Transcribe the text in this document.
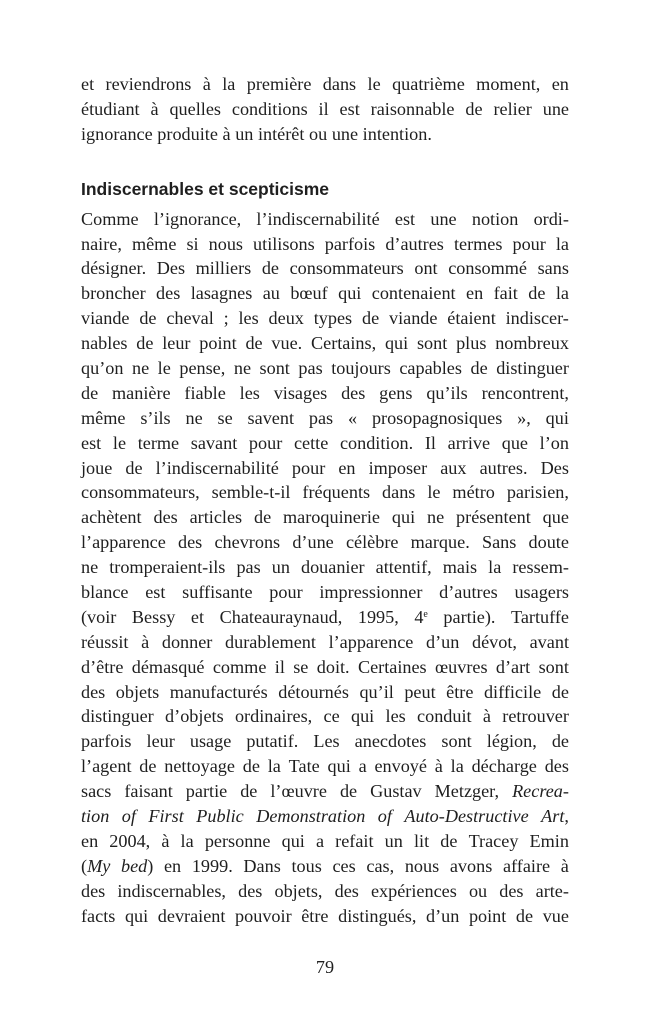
et reviendrons à la première dans le quatrième moment, en
étudiant à quelles conditions il est raisonnable de relier une
ignorance produite à un intérêt ou une intention.
Indiscernables et scepticisme
Comme l’ignorance, l’indiscernabilité est une notion ordi-
naire, même si nous utilisons parfois d’autres termes pour la
désigner. Des milliers de consommateurs ont consommé sans
broncher des lasagnes au bœuf qui contenaient en fait de la
viande de cheval ; les deux types de viande étaient indiscer-
nables de leur point de vue. Certains, qui sont plus nombreux
qu’on ne le pense, ne sont pas toujours capables de distinguer
de manière fiable les visages des gens qu’ils rencontrent,
même s’ils ne se savent pas « prosopagnosiques », qui
est le terme savant pour cette condition. Il arrive que l’on
joue de l’indiscernabilité pour en imposer aux autres. Des
consommateurs, semble-t-il fréquents dans le métro parisien,
achètent des articles de maroquinerie qui ne présentent que
l’apparence des chevrons d’une célèbre marque. Sans doute
ne tromperaient-ils pas un douanier attentif, mais la ressem-
blance est suffisante pour impressionner d’autres usagers
(voir Bessy et Chateauraynaud, 1995, 4e partie). Tartuffe
réussit à donner durablement l’apparence d’un dévot, avant
d’être démasqué comme il se doit. Certaines œuvres d’art sont
des objets manufacturés détournés qu’il peut être difficile de
distinguer d’objets ordinaires, ce qui les conduit à retrouver
parfois leur usage putatif. Les anecdotes sont légion, de
l’agent de nettoyage de la Tate qui a envoyé à la décharge des
sacs faisant partie de l’œuvre de Gustav Metzger, Recrea-
tion of First Public Demonstration of Auto-Destructive Art,
en 2004, à la personne qui a refait un lit de Tracey Emin
(My bed) en 1999. Dans tous ces cas, nous avons affaire à
des indiscernables, des objets, des expériences ou des arte-
facts qui devraient pouvoir être distingués, d’un point de vue
79
